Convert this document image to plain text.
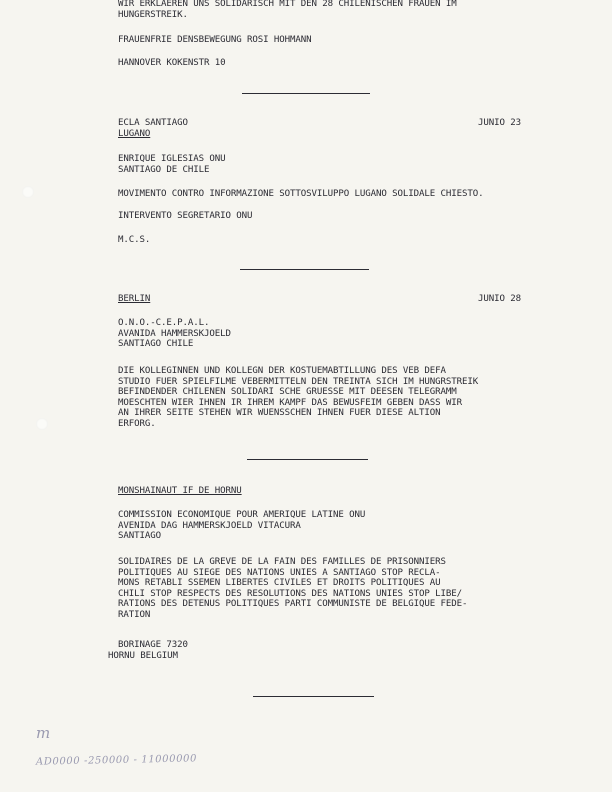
WIR ERKLAEREN UNS SOLIDARISCH MIT DEN 28 CHILENISCHEN FRAUEN IM

HUNGERSTREIK.

FRAUENFRIE DENSBEWEGUNG ROSI HOHMANN

HANNOVER KOKENSTR 10

ECLA SANTIAGO

LUGANO

JUNIO 23

ENRIQUE IGLESIAS ONU

SANTIAGO DE CHILE

MOVIMENTO CONTRO INFORMAZIONE SOTTOSVILUPPO LUGANO SOLIDALE CHIESTO.

INTERVENTO SEGRETARIO ONU

M.C.S.

BERLIN	JUNIO 28

O.N.O.-C.E.P.A.L.

AVANIDA HAMMERSKJOELD

SANTIAGO CHILE

DIE KOLLEGINNEN UND KOLLEGN DER KOSTUEMABTILLUNG DES VEB DEFA

STUDIO FUER SPIELFILME VEBERMITTELN DEN TREINTA SICH IM HUNGRSTREIK

BEFINDENDER CHILENEN SOLIDARI SCHE GRUESSE MIT DEESEN TELEGRAMM

MOESCHTEN WIER IHNEN IR IHREM KAMPF DAS BEWUSFEIM GEBEN DASS WIR

AN IHRER SEITE STEHEN WIR WUENSSCHEN IHNEN FUER DIESE ALTION

ERFORG.

MONSHAINAUT IF DE HORNU

COMMISSION ECONOMIQUE POUR AMERIQUE LATINE ONU

AVENIDA DAG HAMMERSKJOELD VITACURA

SANTIAGO

SOLIDAIRES DE LA GREVE DE LA FAIN DES FAMILLES DE PRISONNIERS

POLITIQUES AU SIEGE DES NATIONS UNIES A SANTIAGO STOP RECLA-

MONS RETABLI SSEMEN LIBERTES CIVILES ET DROITS POLITIQUES AU

CHILI STOP RESPECTS DES RESOLUTIONS DES NATIONS UNIES STOP LIBE/

RATIONS DES DETENUS POLITIQUES PARTI COMMUNISTE DE BELGIQUE FEDE-

RATION

BORINAGE 7320

HORNU BELGIUM

m

AD0000 -250000 - 11000000
